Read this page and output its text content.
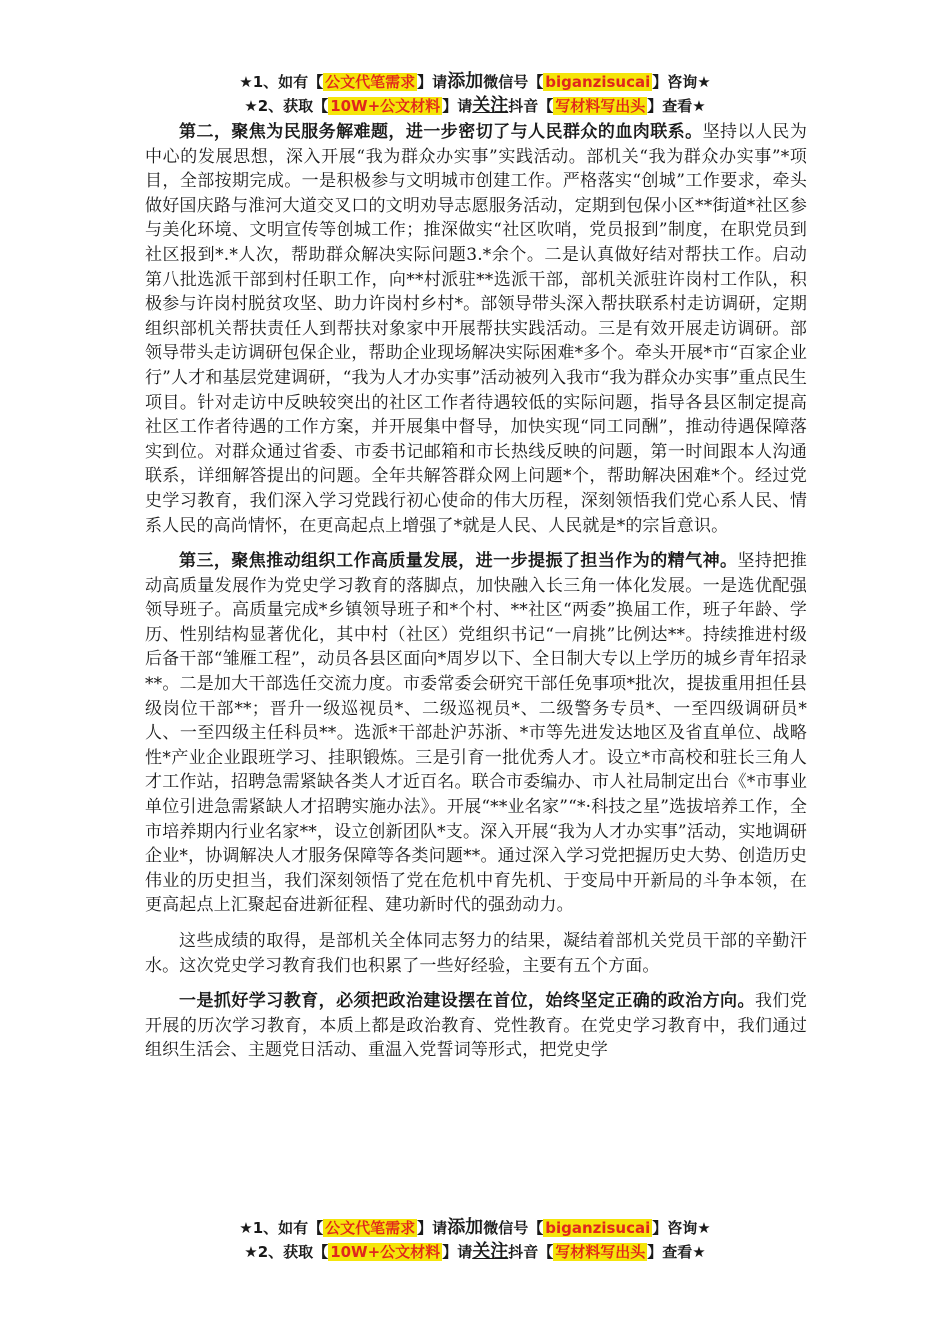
★1、如有【 公文代笔需求 】请添加微信号【 biganzisucai 】咨询★
★2、获取【 10W+公文材料 】请关注抖音【 写材料写出头 】查看★

第二，聚焦为民服务解难题，进一步密切了与人民群众的血肉联系。坚持以人民为中心的发展思想，深入开展“我为群众办实事”实践活动。部机关“我为群众办实事”*项目，全部按期完成。一是积极参与文明城市创建工作。严格落实“创城”工作要求，牵头做好国庆路与淮河大道交叉口的文明劝导志愿服务活动，定期到包保小区**街道*社区参与美化环境、文明宣传等创城工作；推深做实“社区吹哨，党员报到”制度，在职党员到社区报到*.*人次，帮助群众解决实际问题3.*余个。二是认真做好结对帮扶工作。启动第八批选派干部到村任职工作，向**村派驻**选派干部，部机关派驻许岗村工作队，积极参与许岗村脱贫攻坚、助力许岗村乡村*。部领导带头深入帮扶联系村走访调研，定期组织部机关帮扶责任人到帮扶对象家中开展帮扶实践活动。三是有效开展走访调研。部领导带头走访调研包保企业，帮助企业现场解决实际困难*多个。牵头开展*市“百家企业行”人才和基层党建调研，“我为人才办实事”活动被列入我市“我为群众办实事”重点民生项目。针对走访中反映较突出的社区工作者待遇较低的实际问题，指导各县区制定提高社区工作者待遇的工作方案，并开展集中督导，加快实现“同工同酬”，推动待遇保障落实到位。对群众通过省委、市委书记邮箱和市长热线反映的问题，第一时间跟本人沟通联系，详细解答提出的问题。全年共解答群众网上问题*个，帮助解决困难*个。经过党史学习教育，我们深入学习党践行初心使命的伟大历程，深刻领悟我们党心系人民、情系人民的高尚情怀，在更高起点上增强了*就是人民、人民就是*的宗旨意识。

第三，聚焦推动组织工作高质量发展，进一步提振了担当作为的精气神。坚持把推动高质量发展作为党史学习教育的落脚点，加快融入长三角一体化发展。一是选优配强领导班子。高质量完成*乡镇领导班子和*个村、**社区“两委”换届工作，班子年龄、学历、性别结构显著优化，其中村（社区）党组织书记“一肩挑”比例达**。持续推进村级后备干部“雏雁工程”，动员各县区面向*周岁以下、全日制大专以上学历的城乡青年招录**。二是加大干部选任交流力度。市委常委会研究干部任免事项*批次，提拔重用担任县级岗位干部**；晋升一级巡视员*、二级巡视员*、二级警务专员*、一至四级调研员*人、一至四级主任科员**。选派*干部赴沪苏浙、*市等先进发达地区及省直单位、战略性*产业企业跟班学习、挂职锻炼。三是引育一批优秀人才。设立*市高校和驻长三角人才工作站，招聘急需紧缺各类人才近百名。联合市委编办、市人社局制定出台《*市事业单位引进急需紧缺人才招聘实施办法》。开展“**业名家”“*·科技之星”选拔培养工作，全市培养期内行业名家**，设立创新团队*支。深入开展“我为人才办实事”活动，实地调研企业*，协调解决人才服务保障等各类问题**。通过深入学习党把握历史大势、创造历史伟业的历史担当，我们深刻领悟了党在危机中育先机、于变局中开新局的斗争本领，在更高起点上汇聚起奋进新征程、建功新时代的强劲动力。

这些成绩的取得，是部机关全体同志努力的结果，凝结着部机关党员干部的辛勤汗水。这次党史学习教育我们也积累了一些好经验，主要有五个方面。

一是抓好学习教育，必须把政治建设摆在首位，始终坚定正确的政治方向。我们党开展的历次学习教育，本质上都是政治教育、党性教育。在党史学习教育中，我们通过组织生活会、主题党日活动、重温入党誓词等形式，把党史学

★1、如有【 公文代笔需求 】请添加微信号【 biganzisucai 】咨询★
★2、获取【 10W+公文材料 】请关注抖音【 写材料写出头 】查看★
